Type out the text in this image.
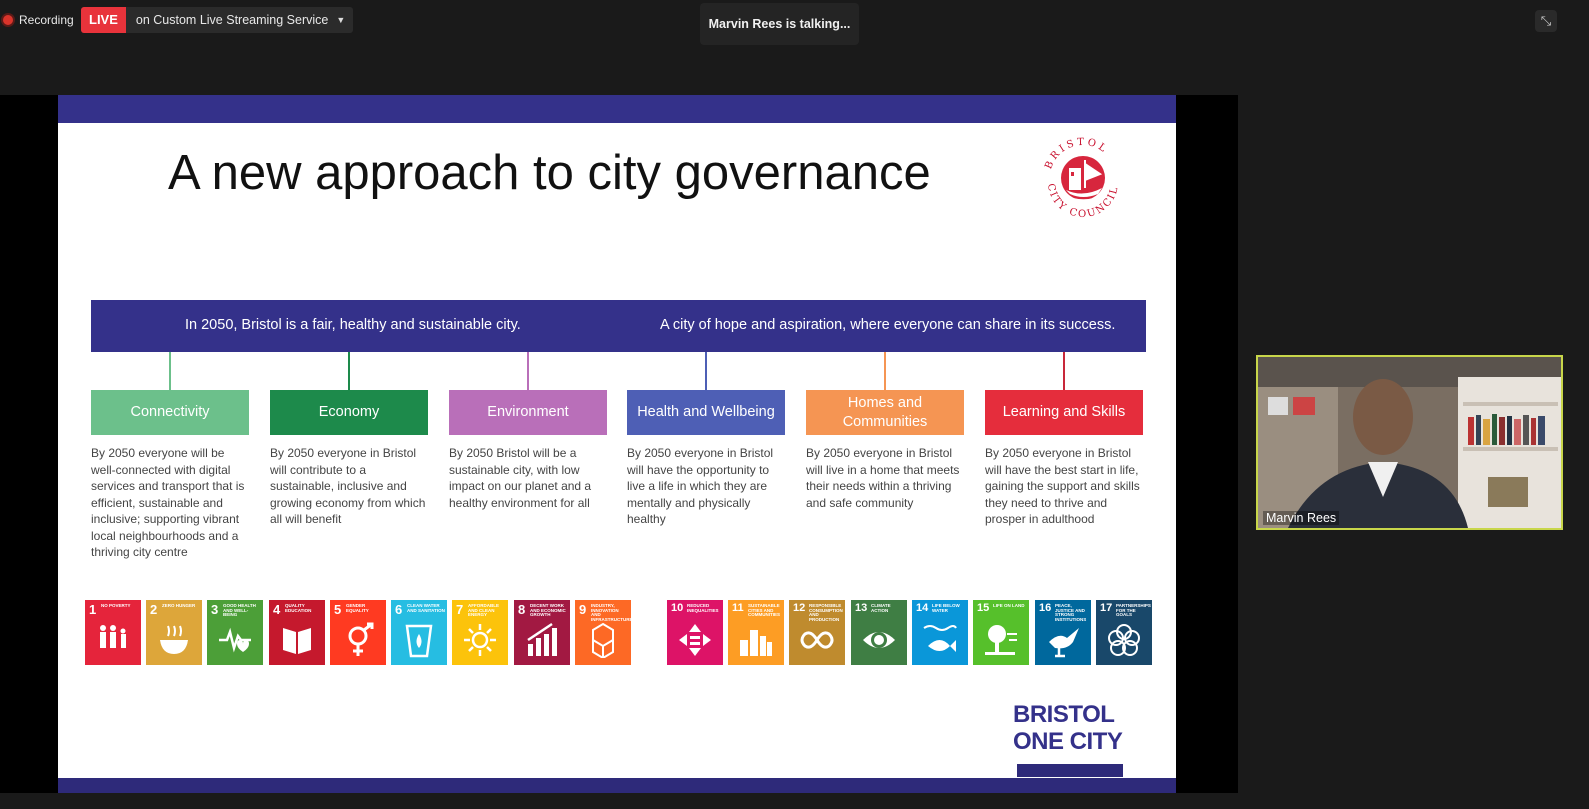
Recording	LIVE	on Custom Live Streaming Service ▼	Marvin Rees is talking...	⤡
A new approach to city governance	BRISTOL
CITY COUNCIL
In 2050, Bristol is a fair, healthy and sustainable city.	A city of hope and aspiration, where everyone can share in its success.
Connectivity
By 2050 everyone will be well-connected with digital services and transport that is efficient, sustainable and inclusive; supporting vibrant local neighbourhoods and a thriving city centre
Economy
By 2050 everyone in Bristol will contribute to a sustainable, inclusive and growing economy from which all will benefit
Environment
By 2050 Bristol will be a sustainable city, with low impact on our planet and a healthy environment for all
Health and Wellbeing
By 2050 everyone in Bristol will have the opportunity to live a life in which they are mentally and physically healthy
Homes and Communities
By 2050 everyone in Bristol will live in a home that meets their needs within a thriving and safe community
Learning and Skills
By 2050 everyone in Bristol will have the best start in life, gaining the support and skills they need to thrive and prosper in adulthood
1 NO POVERTY	2 ZERO HUNGER	3 GOOD HEALTH AND WELL-BEING	4 QUALITY EDUCATION	5 GENDER EQUALITY	6 CLEAN WATER AND SANITATION 7 AFFORDABLE AND CLEAN ENERGY	8 DECENT WORK AND ECONOMIC GROWTH	9 INDUSTRY, INNOVATION AND INFRASTRUCTURE
10 REDUCED INEQUALITIES 11 SUSTAINABLE CITIES AND COMMUNITIES
12 RESPONSIBLE CONSUMPTION AND PRODUCTION
13 CLIMATE ACTION	14 LIFE BELOW WATER	15 LIFE ON LAND 16 PEACE, JUSTICE AND STRONG INSTITUTIONS
17 PARTNERSHIPS FOR THE GOALS
BRISTOL
ONE CITY
Marvin Rees
